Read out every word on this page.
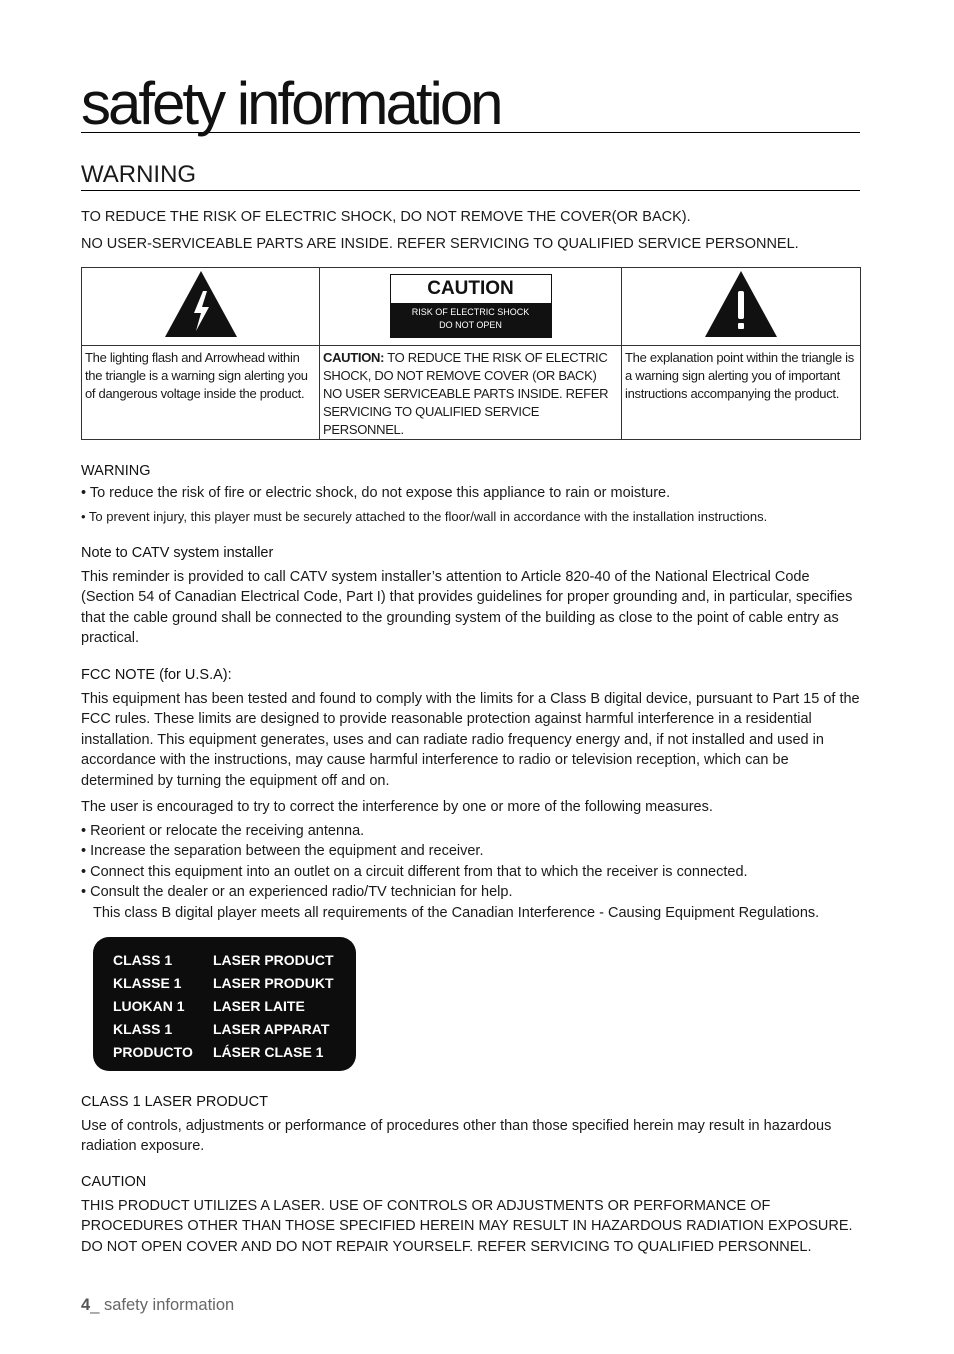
safety information
WARNING
TO REDUCE THE RISK OF ELECTRIC SHOCK, DO NOT REMOVE THE COVER(OR BACK).
NO USER-SERVICEABLE PARTS ARE INSIDE. REFER SERVICING TO QUALIFIED SERVICE PERSONNEL.

CAUTION
RISK OF ELECTRIC SHOCK
DO NOT OPEN

The lighting flash and Arrowhead within the triangle is a warning sign alerting you of dangerous voltage inside the product.	CAUTION: TO REDUCE THE RISK OF ELECTRIC SHOCK, DO NOT REMOVE COVER (OR BACK) NO USER SERVICEABLE PARTS INSIDE. REFER SERVICING TO QUALIFIED SERVICE PERSONNEL.	The explanation point within the triangle is a warning sign alerting you of important instructions accompanying the product.
WARNING
• To reduce the risk of fire or electric shock, do not expose this appliance to rain or moisture.
• To prevent injury, this player must be securely attached to the floor/wall in accordance with the installation instructions.
Note to CATV system installer

This reminder is provided to call CATV system installer’s attention to Article 820-40 of the National Electrical Code (Section 54 of Canadian Electrical Code, Part I) that provides guidelines for proper grounding and, in particular, specifies that the cable ground shall be connected to the grounding system of the building as close to the point of cable entry as practical.

FCC NOTE (for U.S.A):

This equipment has been tested and found to comply with the limits for a Class B digital device, pursuant to Part 15 of the FCC rules. These limits are designed to provide reasonable protection against harmful interference in a residential installation. This equipment generates, uses and can radiate radio frequency energy and, if not installed and used in accordance with the instructions, may cause harmful interference to radio or television reception, which can be determined by turning the equipment off and on.

The user is encouraged to try to correct the interference by one or more of the following measures.

• Reorient or relocate the receiving antenna.
• Increase the separation between the equipment and receiver.
• Connect this equipment into an outlet on a circuit different from that to which the receiver is connected.
• Consult the dealer or an experienced radio/TV technician for help.
This class B digital player meets all requirements of the Canadian Interference - Causing Equipment Regulations.
CLASS 1	LASER PRODUCT
KLASSE 1	LASER PRODUKT
LUOKAN 1	LASER LAITE
KLASS 1	LASER APPARAT
PRODUCTO	LÁSER CLASE 1
CLASS 1 LASER PRODUCT

Use of controls, adjustments or performance of procedures other than those specified herein may result in hazardous radiation exposure.

CAUTION

THIS PRODUCT UTILIZES A LASER. USE OF CONTROLS OR ADJUSTMENTS OR PERFORMANCE OF PROCEDURES OTHER THAN THOSE SPECIFIED HEREIN MAY RESULT IN HAZARDOUS RADIATION EXPOSURE. DO NOT OPEN COVER AND DO NOT REPAIR YOURSELF. REFER SERVICING TO QUALIFIED PERSONNEL.

4_ safety information
